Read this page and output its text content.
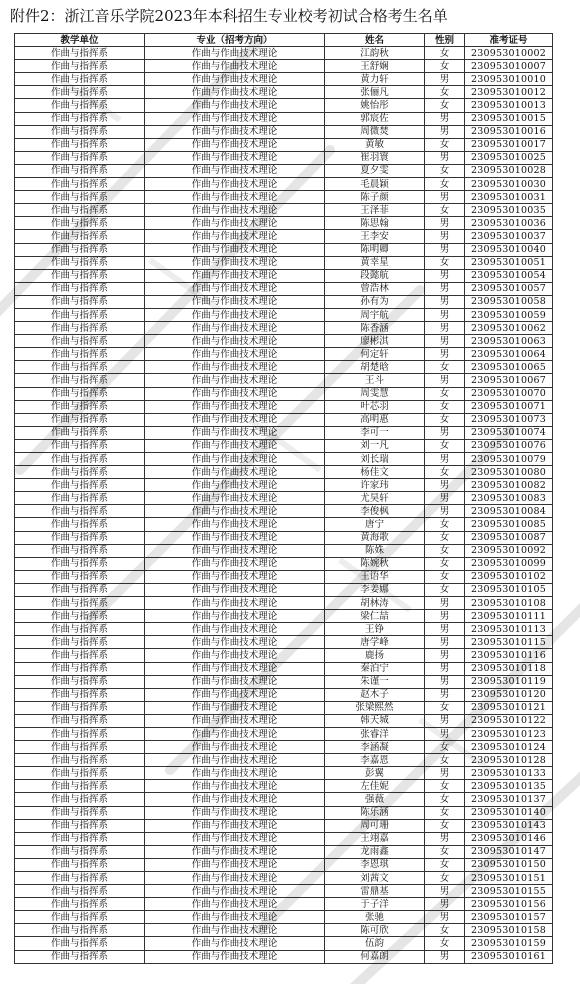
附件2：浙江音乐学院2023年本科招生专业校考初试合格考生名单
教学单位	专业（招考方向）	姓名	性别	准考证号
作曲与指挥系	作曲与作曲技术理论	江韵秋	女	230953010002
作曲与指挥系	作曲与作曲技术理论	王舒娴	女	230953010007
作曲与指挥系	作曲与作曲技术理论	黄力轩	男	230953010010
作曲与指挥系	作曲与作曲技术理论	张俪凡	女	230953010012
作曲与指挥系	作曲与作曲技术理论	姚怡彤	女	230953010013
作曲与指挥系	作曲与作曲技术理论	郭宸佐	男	230953010015
作曲与指挥系	作曲与作曲技术理论	周微焚	男	230953010016
作曲与指挥系	作曲与作曲技术理论	黄敏	女	230953010017
作曲与指挥系	作曲与作曲技术理论	崔羽寰	男	230953010025
作曲与指挥系	作曲与作曲技术理论	夏夕雯	女	230953010028
作曲与指挥系	作曲与作曲技术理论	毛晨颖	女	230953010030
作曲与指挥系	作曲与作曲技术理论	陈子颜	男	230953010031
作曲与指挥系	作曲与作曲技术理论	王泽菲	女	230953010035
作曲与指挥系	作曲与作曲技术理论	陈思翰	男	230953010036
作曲与指挥系	作曲与作曲技术理论	王李安	男	230953010037
作曲与指挥系	作曲与作曲技术理论	陈明卿	男	230953010040
作曲与指挥系	作曲与作曲技术理论	黄幸星	女	230953010051
作曲与指挥系	作曲与作曲技术理论	段懿航	男	230953010054
作曲与指挥系	作曲与作曲技术理论	曾浩林	男	230953010057
作曲与指挥系	作曲与作曲技术理论	孙有为	男	230953010058
作曲与指挥系	作曲与作曲技术理论	周宇航	男	230953010059
作曲与指挥系	作曲与作曲技术理论	陈香涵	男	230953010062
作曲与指挥系	作曲与作曲技术理论	廖彬淇	男	230953010063
作曲与指挥系	作曲与作曲技术理论	何定轩	男	230953010064
作曲与指挥系	作曲与作曲技术理论	胡楚晗	女	230953010065
作曲与指挥系	作曲与作曲技术理论	王斗	男	230953010067
作曲与指挥系	作曲与作曲技术理论	周雯慧	女	230953010070
作曲与指挥系	作曲与作曲技术理论	叶芯羽	女	230953010071
作曲与指挥系	作曲与作曲技术理论	高明惠	女	230953010073
作曲与指挥系	作曲与作曲技术理论	李可一	男	230953010074
作曲与指挥系	作曲与作曲技术理论	刘一凡	女	230953010076
作曲与指挥系	作曲与作曲技术理论	刘长瑞	男	230953010079
作曲与指挥系	作曲与作曲技术理论	杨佳文	女	230953010080
作曲与指挥系	作曲与作曲技术理论	许家玮	男	230953010082
作曲与指挥系	作曲与作曲技术理论	尤昊轩	男	230953010083
作曲与指挥系	作曲与作曲技术理论	李俊枫	男	230953010084
作曲与指挥系	作曲与作曲技术理论	唐宁	女	230953010085
作曲与指挥系	作曲与作曲技术理论	黄海歌	女	230953010087
作曲与指挥系	作曲与作曲技术理论	陈姝	女	230953010092
作曲与指挥系	作曲与作曲技术理论	陈婉秋	女	230953010099
作曲与指挥系	作曲与作曲技术理论	王语华	女	230953010102
作曲与指挥系	作曲与作曲技术理论	李姜娜	女	230953010105
作曲与指挥系	作曲与作曲技术理论	胡林涛	男	230953010108
作曲与指挥系	作曲与作曲技术理论	梁仁喆	男	230953010111
作曲与指挥系	作曲与作曲技术理论	王铮	男	230953010113
作曲与指挥系	作曲与作曲技术理论	唐学峰	男	230953010115
作曲与指挥系	作曲与作曲技术理论	鹿扬	男	230953010116
作曲与指挥系	作曲与作曲技术理论	秦泊宁	男	230953010118
作曲与指挥系	作曲与作曲技术理论	朱谨一	男	230953010119
作曲与指挥系	作曲与作曲技术理论	赵木子	男	230953010120
作曲与指挥系	作曲与作曲技术理论	张梁熙然	女	230953010121
作曲与指挥系	作曲与作曲技术理论	韩天城	男	230953010122
作曲与指挥系	作曲与作曲技术理论	张睿洋	男	230953010123
作曲与指挥系	作曲与作曲技术理论	李涵凝	女	230953010124
作曲与指挥系	作曲与作曲技术理论	李嘉恩	女	230953010128
作曲与指挥系	作曲与作曲技术理论	彭翼	男	230953010133
作曲与指挥系	作曲与作曲技术理论	左佳妮	女	230953010135
作曲与指挥系	作曲与作曲技术理论	强薇	女	230953010137
作曲与指挥系	作曲与作曲技术理论	陈乐涵	女	230953010140
作曲与指挥系	作曲与作曲技术理论	周可珊	女	230953010143
作曲与指挥系	作曲与作曲技术理论	王翊嘉	男	230953010146
作曲与指挥系	作曲与作曲技术理论	龙雨鑫	女	230953010147
作曲与指挥系	作曲与作曲技术理论	李恩琪	女	230953010150
作曲与指挥系	作曲与作曲技术理论	刘茜文	女	230953010151
作曲与指挥系	作曲与作曲技术理论	雷鼎基	男	230953010155
作曲与指挥系	作曲与作曲技术理论	于子洋	男	230953010156
作曲与指挥系	作曲与作曲技术理论	张驰	男	230953010157
作曲与指挥系	作曲与作曲技术理论	陈可欣	女	230953010158
作曲与指挥系	作曲与作曲技术理论	伍韵	女	230953010159
作曲与指挥系	作曲与作曲技术理论	何嘉朗	男	230953010161
